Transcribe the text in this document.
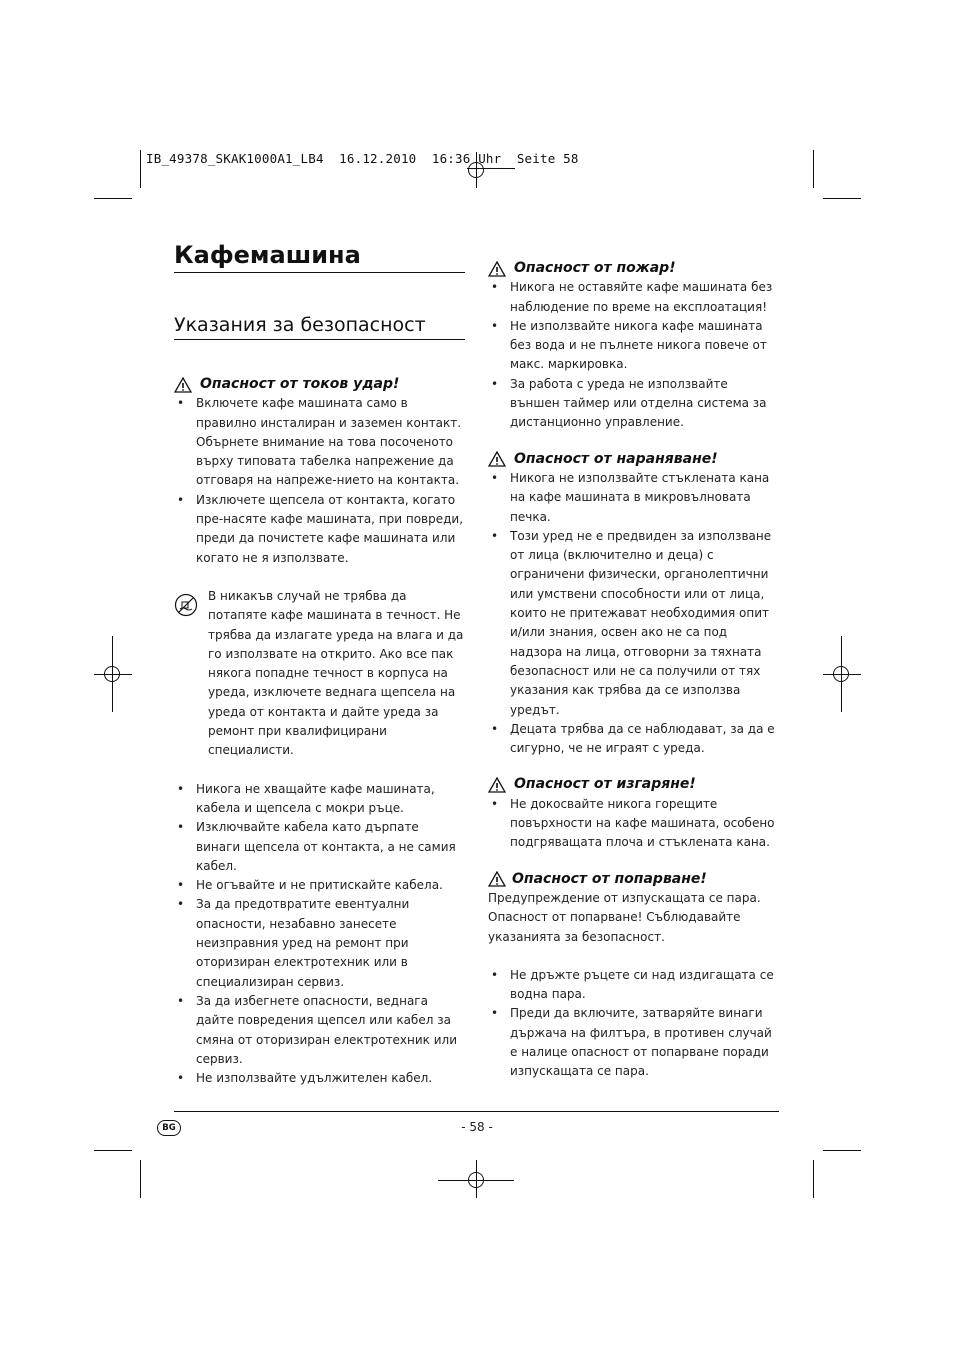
IB_49378_SKAK1000A1_LB4  16.12.2010  16:36 Uhr  Seite 58
Кафемашина
Указания за безопасност
Опасност от токов удар!
• Включете кафе машината само в правилно инсталиран и заземен контакт. Обърнете внимание на това посоченото върху типовата табелка напрежение да отговаря на напреже-нието на контакта.
• Изключете щепсела от контакта, когато пре-насяте кафе машината, при повреди, преди да почистете кафе машината или когато не я използвате.

В никакъв случай не трябва да потапяте кафе машината в течност. Не трябва да излагате уреда на влага и да го използвате на открито. Ако все пак някога попадне течност в корпуса на уреда, изключете веднага щепсела на уреда от контакта и дайте уреда за ремонт при квалифицирани специалисти.

• Никога не хващайте кафе машината, кабела и щепсела с мокри ръце.
• Изключвайте кабела като дърпате винаги щепсела от контакта, а не самия кабел.
• Не огъвайте и не притискайте кабела.
• За да предотвратите евентуални опасности, незабавно занесете неизправния уред на ремонт при оторизиран електротехник или в специализиран сервиз.
• За да избегнете опасности, веднага дайте повредения щепсел или кабел за смяна от оторизиран електротехник или сервиз.
• Не използвайте удължителен кабел.
Опасност от пожар!
• Никога не оставяйте кафе машината без наблюдение по време на експлоатация!
• Не използвайте никога кафе машината без вода и не пълнете никога повече от макс. маркировка.
• За работа с уреда не използвайте външен таймер или отделна система за дистанционно управление.
Опасност от нараняване!
• Никога не използвайте стъклената кана на кафе машината в микровълновата печка.
• Този уред не е предвиден за използване от лица (включително и деца) с ограничени физически, органолептични или умствени способности или от лица, които не притежават необходимия опит и/или знания, освен ако не са под надзора на лица, отговорни за тяхната безопасност или не са получили от тях указания как трябва да се използва уредът.
• Децата трябва да се наблюдават, за да е сигурно, че не играят с уреда.
Опасност от изгаряне!
• Не докосвайте никога горещите повърхности на кафе машината, особено подгряващата плоча и стъклената кана.
Опасност от попарване!

Предупреждение от изпускащата се пара. Опасност от попарване! Съблюдавайте указанията за безопасност.

• Не дръжте ръцете си над издигащата се водна пара.
• Преди да включите, затваряйте винаги държача на филтъра, в противен случай е налице опасност от попарване поради изпускащата се пара.
BG	- 58 -
